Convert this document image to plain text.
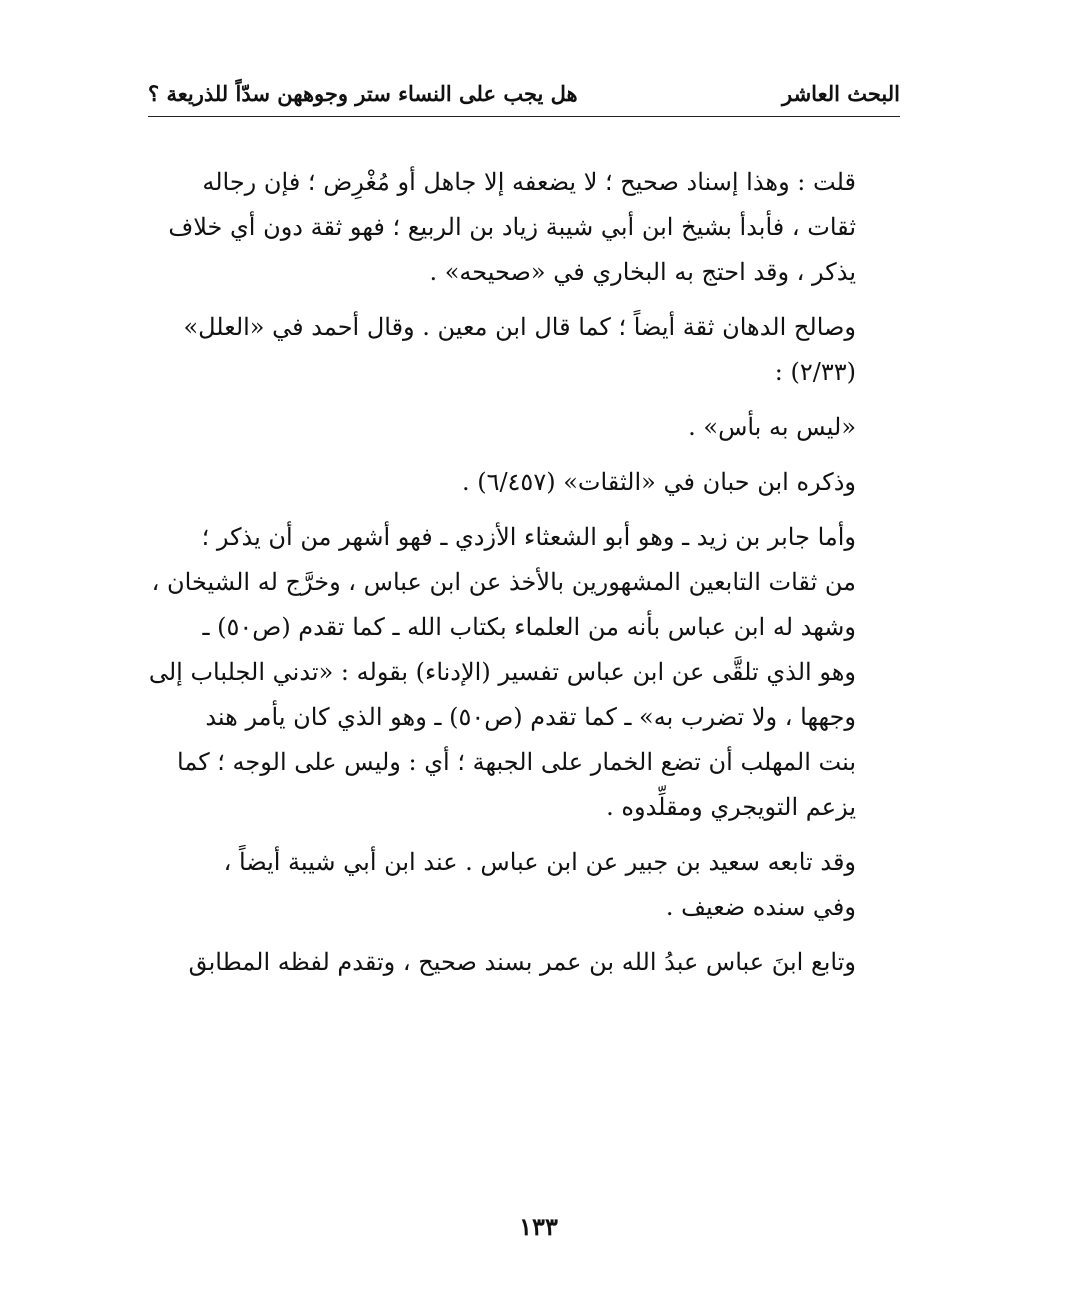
البحث العاشر
هل يجب على النساء ستر وجوههن سدّاً للذريعة ؟

قلت : وهذا إسناد صحيح ؛ لا يضعفه إلا جاهل أو مُغْرِض ؛ فإن رجاله
ثقات ، فأبدأ بشيخ ابن أبي شيبة زياد بن الربيع ؛ فهو ثقة دون أي خلاف
يذكر ، وقد احتج به البخاري في «صحيحه» .

وصالح الدهان ثقة أيضاً ؛ كما قال ابن معين . وقال أحمد في «العلل»
(٢/٣٣) :

«ليس به بأس» .

وذكره ابن حبان في «الثقات» (٦/٤٥٧) .

وأما جابر بن زيد ـ وهو أبو الشعثاء الأزدي ـ فهو أشهر من أن يذكر ؛
من ثقات التابعين المشهورين بالأخذ عن ابن عباس ، وخرَّج له الشيخان ،
وشهد له ابن عباس بأنه من العلماء بكتاب الله ـ كما تقدم (ص٥٠) ـ
وهو الذي تلقَّى عن ابن عباس تفسير (الإدناء) بقوله : «تدني الجلباب إلى
وجهها ، ولا تضرب به» ـ كما تقدم (ص٥٠) ـ وهو الذي كان يأمر هند
بنت المهلب أن تضع الخمار على الجبهة ؛ أي : وليس على الوجه ؛ كما
يزعم التويجري ومقلِّدوه .

وقد تابعه سعيد بن جبير عن ابن عباس . عند ابن أبي شيبة أيضاً ،
وفي سنده ضعيف .

وتابع ابنَ عباس عبدُ الله بن عمر بسند صحيح ، وتقدم لفظه المطابق

١٣٣
